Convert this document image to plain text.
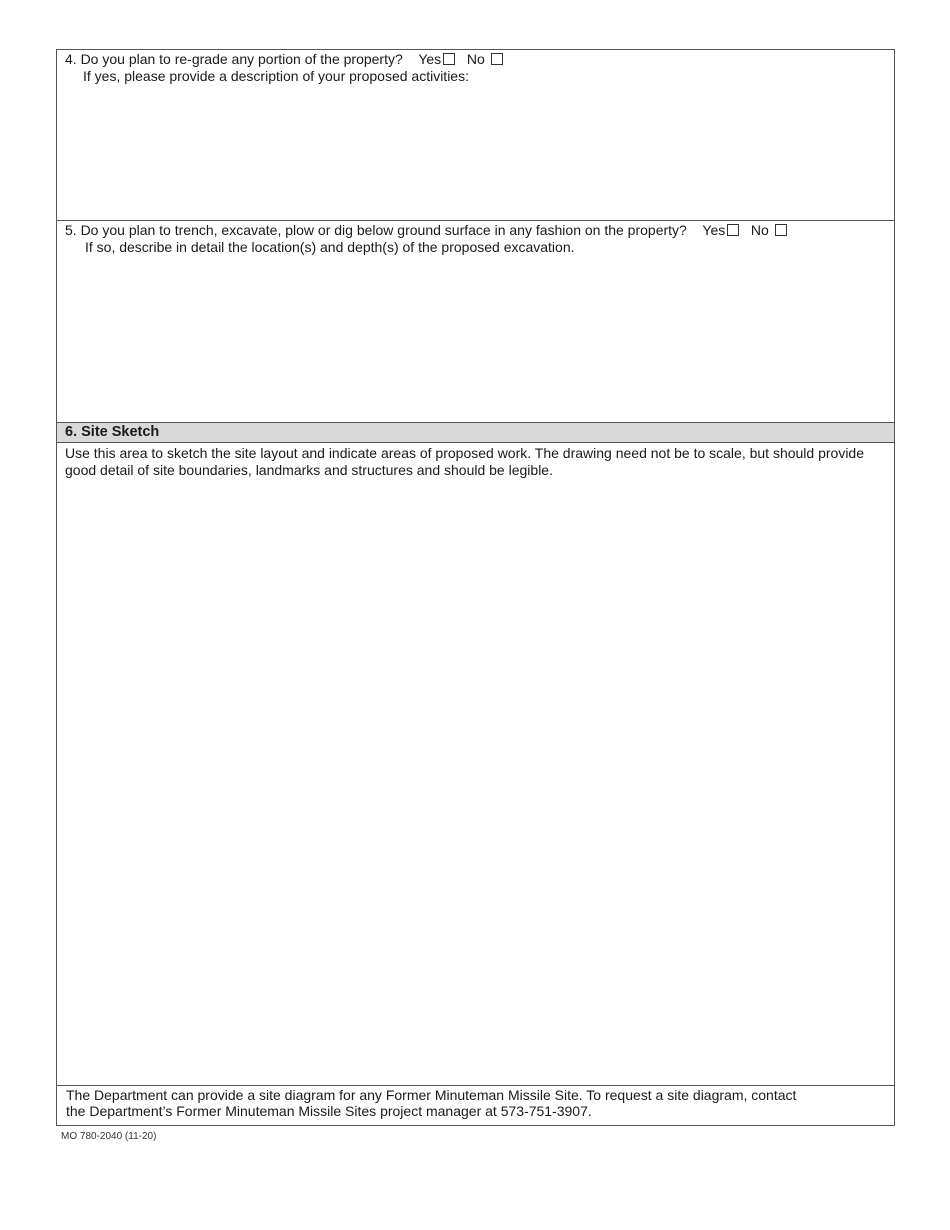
4. Do you plan to re-grade any portion of the property? Yes No
If yes, please provide a description of your proposed activities:
5. Do you plan to trench, excavate, plow or dig below ground surface in any fashion on the property? Yes No
If so, describe in detail the location(s) and depth(s) of the proposed excavation.
6. Site Sketch
Use this area to sketch the site layout and indicate areas of proposed work. The drawing need not be to scale, but should provide
good detail of site boundaries, landmarks and structures and should be legible.
The Department can provide a site diagram for any Former Minuteman Missile Site. To request a site diagram, contact
the Department’s Former Minuteman Missile Sites project manager at 573-751-3907.
MO 780-2040 (11-20)
